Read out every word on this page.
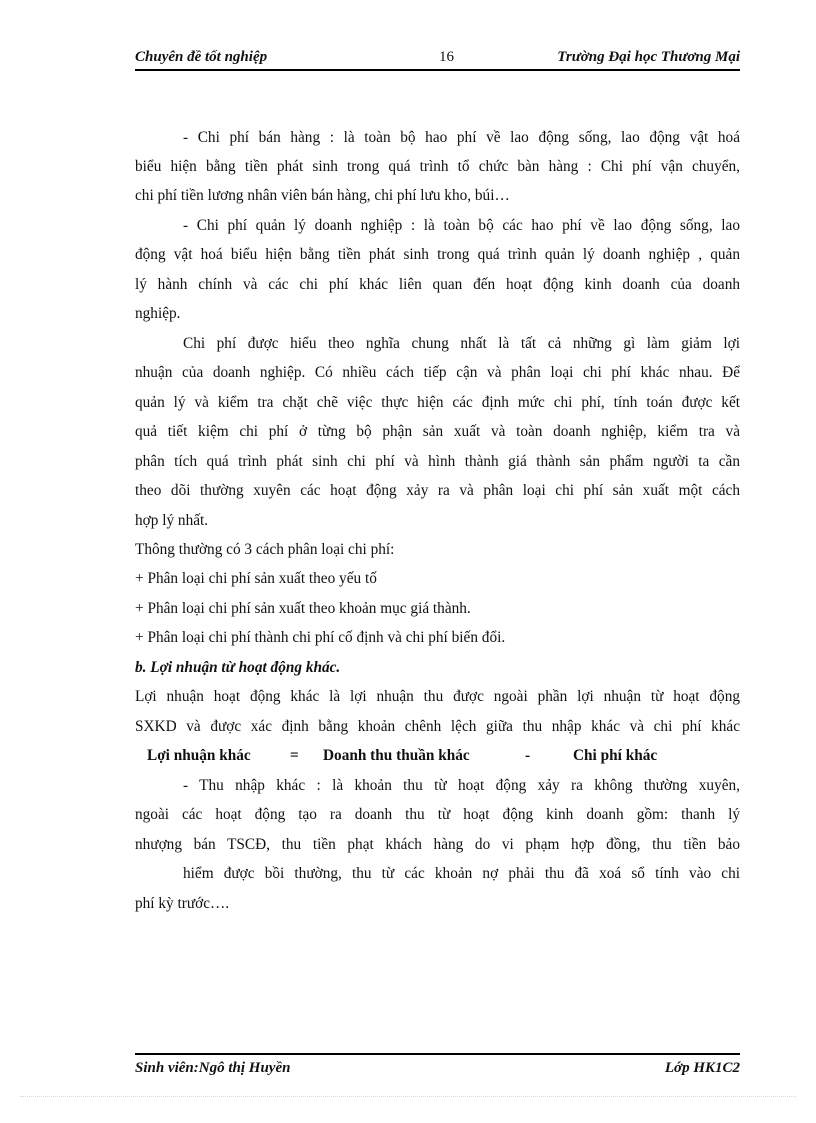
Chuyên đề tốt nghiệp	16	Trường Đại học Thương Mại
- Chi phí bán hàng : là toàn bộ hao phí về lao động sống, lao động vật hoá
biểu hiện bằng tiền phát sinh trong quá trình tổ chức bàn hàng : Chi phí vận chuyển,
chi phí tiền lương nhân viên bán hàng, chi phí lưu kho, búi…
- Chi phí quản lý doanh nghiệp : là toàn bộ các hao phí về lao động sống, lao
động vật hoá biểu hiện bằng tiền phát sinh trong quá trình quản lý doanh nghiệp , quản
lý hành chính và các chi phí khác liên quan đến hoạt động kinh doanh của doanh
nghiệp.
Chi phí được hiểu theo nghĩa chung nhất là tất cả những gì làm giảm lợi
nhuận của doanh nghiệp. Có nhiều cách tiếp cận và phân loại chi phí khác nhau. Để
quản lý và kiểm tra chặt chẽ việc thực hiện các định mức chi phí, tính toán được kết
quả tiết kiệm chi phí ở từng bộ phận sản xuất và toàn doanh nghiệp, kiểm tra và
phân tích quá trình phát sinh chi phí và hình thành giá thành sản phẩm người ta cần
theo dõi thường xuyên các hoạt động xảy ra và phân loại chi phí sản xuất một cách
hợp lý nhất.
Thông thường có 3 cách phân loại chi phí:
+ Phân loại chi phí sản xuất theo yếu tố
+ Phân loại chi phí sản xuất theo khoản mục giá thành.
+ Phân loại chi phí thành chi phí cố định và chi phí biến đổi.
b. Lợi nhuận từ hoạt động khác.
Lợi nhuận hoạt động khác là lợi nhuận thu được ngoài phần lợi nhuận từ hoạt động
SXKD và được xác định bằng khoản chênh lệch giữa thu nhập khác và chi phí khác
Lợi nhuận khác	= Doanh thu thuần khác	-	Chi phí khác
- Thu nhập khác : là khoản thu từ hoạt động xảy ra không thường xuyên,
ngoài các hoạt động tạo ra doanh thu từ hoạt động kinh doanh gồm: thanh lý
nhượng bán TSCĐ, thu tiền phạt khách hàng do vi phạm hợp đồng, thu tiền bảo
hiểm được bồi thường, thu từ các khoản nợ phải thu đã xoá sổ tính vào chi
phí kỳ trước….
Sinh viên:Ngô thị Huyền	Lớp HK1C2
